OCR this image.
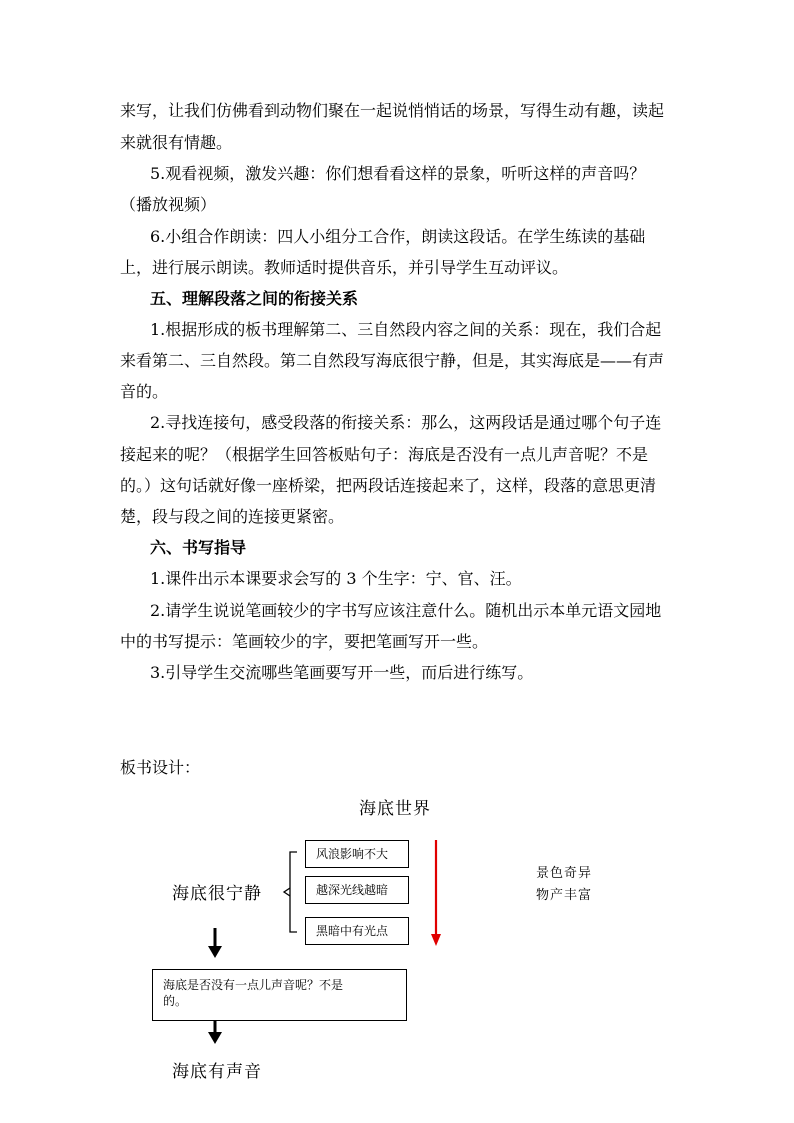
来写，让我们仿佛看到动物们聚在一起说悄悄话的场景，写得生动有趣，读起
来就很有情趣。
5.观看视频，激发兴趣：你们想看看这样的景象，听听这样的声音吗？
（播放视频）
6.小组合作朗读：四人小组分工合作，朗读这段话。在学生练读的基础
上，进行展示朗读。教师适时提供音乐，并引导学生互动评议。
五、理解段落之间的衔接关系
1.根据形成的板书理解第二、三自然段内容之间的关系：现在，我们合起
来看第二、三自然段。第二自然段写海底很宁静，但是，其实海底是——有声
音的。
2.寻找连接句，感受段落的衔接关系：那么，这两段话是通过哪个句子连
接起来的呢？（根据学生回答板贴句子：海底是否没有一点儿声音呢？不是
的。）这句话就好像一座桥梁，把两段话连接起来了，这样，段落的意思更清
楚，段与段之间的连接更紧密。
六、书写指导
1.课件出示本课要求会写的 3 个生字：宁、官、汪。
2.请学生说说笔画较少的字书写应该注意什么。随机出示本单元语文园地
中的书写提示：笔画较少的字，要把笔画写开一些。
3.引导学生交流哪些笔画要写开一些，而后进行练写。
板书设计：
海底世界
海底很宁静
风浪影响不大
越深光线越暗
黑暗中有光点
景色奇异
物产丰富
海底是否没有一点儿声音呢？不是
的。
海底有声音
